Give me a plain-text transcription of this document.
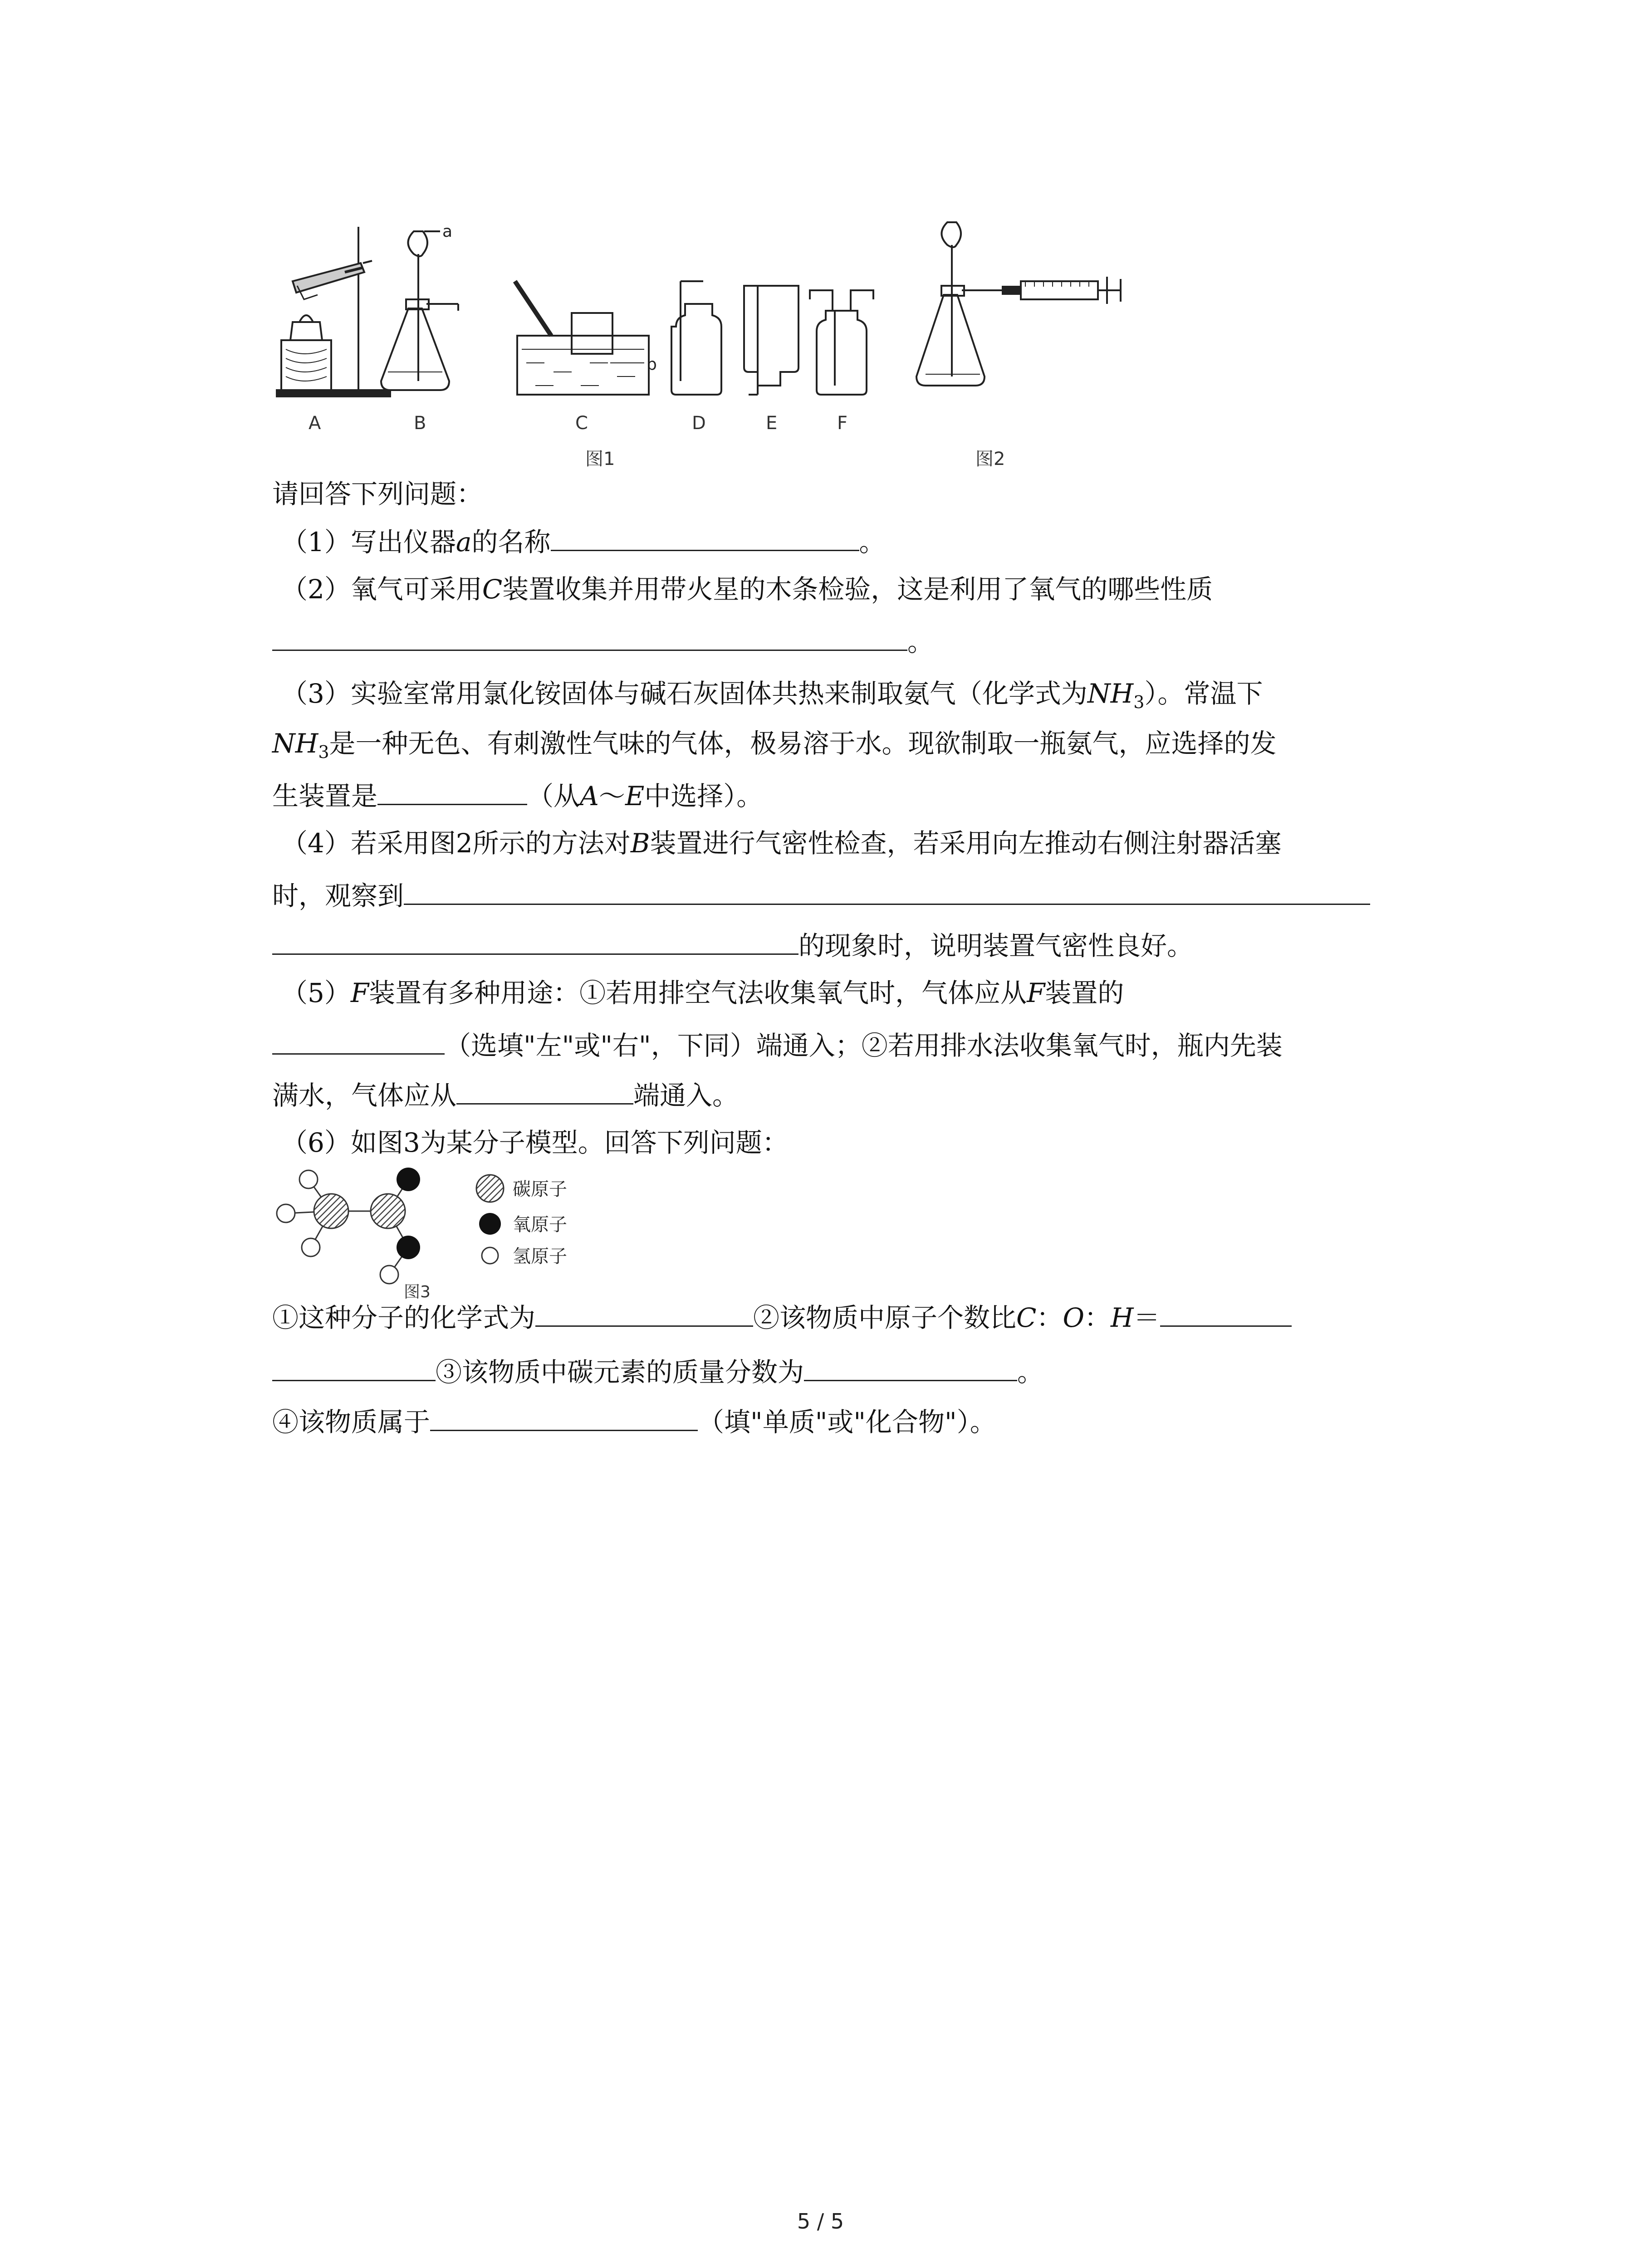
a
b
A	B	C	D	E	F
图1	图2
请回答下列问题：
（1）写出仪器a的名称	。
（2）氧气可采用C装置收集并用带火星的木条检验，这是利用了氧气的哪些性质
。
（3）实验室常用氯化铵固体与碱石灰固体共热来制取氨气（化学式为$NH_3$）。常温下
$NH_3$是一种无色、有刺激性气味的气体，极易溶于水。现欲制取一瓶氨气，应选择的发
生装置是	（从A～E中选择）。
（4）若采用图2所示的方法对B装置进行气密性检查，若采用向左推动右侧注射器活塞
时，观察到
的现象时，说明装置气密性良好。
（5）F装置有多种用途：①若用排空气法收集氧气时，气体应从F装置的
（选填"左"或"右"，下同）端通入；②若用排水法收集氧气时，瓶内先装
满水，气体应从	端通入。
（6）如图3为某分子模型。回答下列问题：
碳原子
氧原子
氢原子
图3
①这种分子的化学式为	②该物质中原子个数比C：O：H＝
③该物质中碳元素的质量分数为	。
④该物质属于	（填"单质"或"化合物"）。
5 / 5
